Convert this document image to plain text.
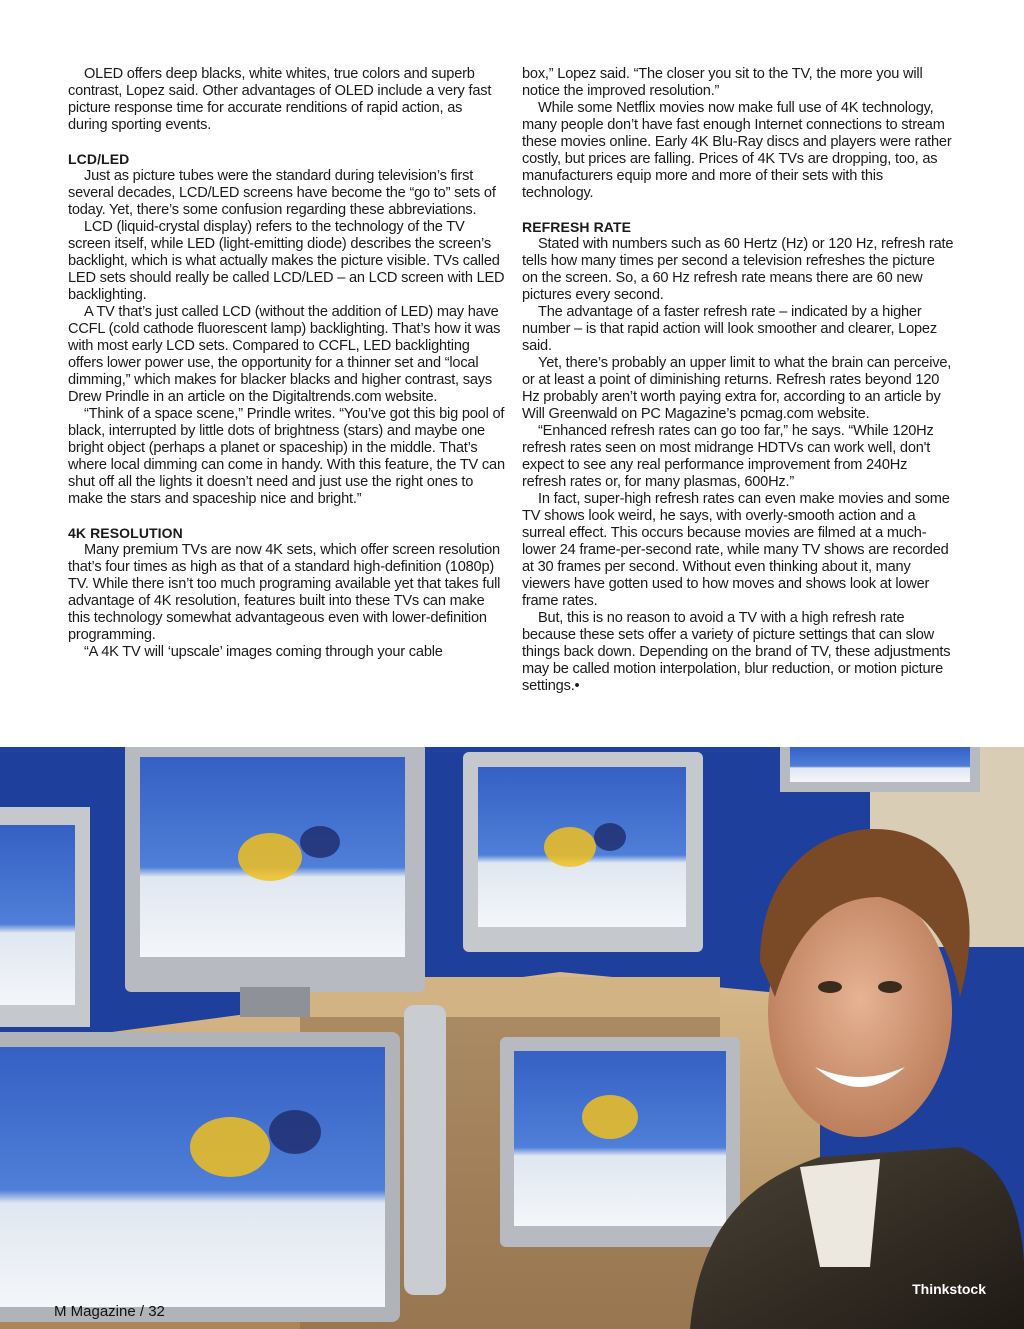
OLED offers deep blacks, white whites, true colors and superb contrast, Lopez said. Other advantages of OLED include a very fast picture response time for accurate renditions of rapid action, as during sporting events.

LCD/LED

Just as picture tubes were the standard during television’s first several decades, LCD/LED screens have become the “go to” sets of today. Yet, there’s some confusion regarding these abbreviations.

LCD (liquid-crystal display) refers to the technology of the TV screen itself, while LED (light-emitting diode) describes the screen’s backlight, which is what actually makes the picture visible. TVs called LED sets should really be called LCD/LED – an LCD screen with LED backlighting.

A TV that’s just called LCD (without the addition of LED) may have CCFL (cold cathode fluorescent lamp) backlighting. That’s how it was with most early LCD sets. Compared to CCFL, LED backlighting offers lower power use, the opportunity for a thinner set and “local dimming,” which makes for blacker blacks and higher contrast, says Drew Prindle in an article on the Digitaltrends.com website.

“Think of a space scene,” Prindle writes. “You’ve got this big pool of black, interrupted by little dots of brightness (stars) and maybe one bright object (perhaps a planet or spaceship) in the middle. That’s where local dimming can come in handy. With this feature, the TV can shut off all the lights it doesn’t need and just use the right ones to make the stars and spaceship nice and bright.”

4K RESOLUTION

Many premium TVs are now 4K sets, which offer screen resolution that’s four times as high as that of a standard high-definition (1080p) TV. While there isn’t too much programing available yet that takes full advantage of 4K resolution, features built into these TVs can make this technology somewhat advantageous even with lower-definition programming.

“A 4K TV will ‘upscale’ images coming through your cable

box,” Lopez said. “The closer you sit to the TV, the more you will notice the improved resolution.”

While some Netflix movies now make full use of 4K technology, many people don’t have fast enough Internet connections to stream these movies online. Early 4K Blu-Ray discs and players were rather costly, but prices are falling. Prices of 4K TVs are dropping, too, as manufacturers equip more and more of their sets with this technology.

REFRESH RATE

Stated with numbers such as 60 Hertz (Hz) or 120 Hz, refresh rate tells how many times per second a television refreshes the picture on the screen. So, a 60 Hz refresh rate means there are 60 new pictures every second.

The advantage of a faster refresh rate – indicated by a higher number – is that rapid action will look smoother and clearer, Lopez said.

Yet, there’s probably an upper limit to what the brain can perceive, or at least a point of diminishing returns. Refresh rates beyond 120 Hz probably aren’t worth paying extra for, according to an article by Will Greenwald on PC Magazine’s pcmag.com website.

“Enhanced refresh rates can go too far,” he says. “While 120Hz refresh rates seen on most midrange HDTVs can work well, don't expect to see any real performance improvement from 240Hz refresh rates or, for many plasmas, 600Hz.”

In fact, super-high refresh rates can even make movies and some TV shows look weird, he says, with overly-smooth action and a surreal effect. This occurs because movies are filmed at a much-lower 24 frame-per-second rate, while many TV shows are recorded at 30 frames per second. Without even thinking about it, many viewers have gotten used to how moves and shows look at lower frame rates.

But, this is no reason to avoid a TV with a high refresh rate because these sets offer a variety of picture settings that can slow things back down. Depending on the brand of TV, these adjustments may be called motion interpolation, blur reduction, or motion picture settings.•

M Magazine / 32
Thinkstock
